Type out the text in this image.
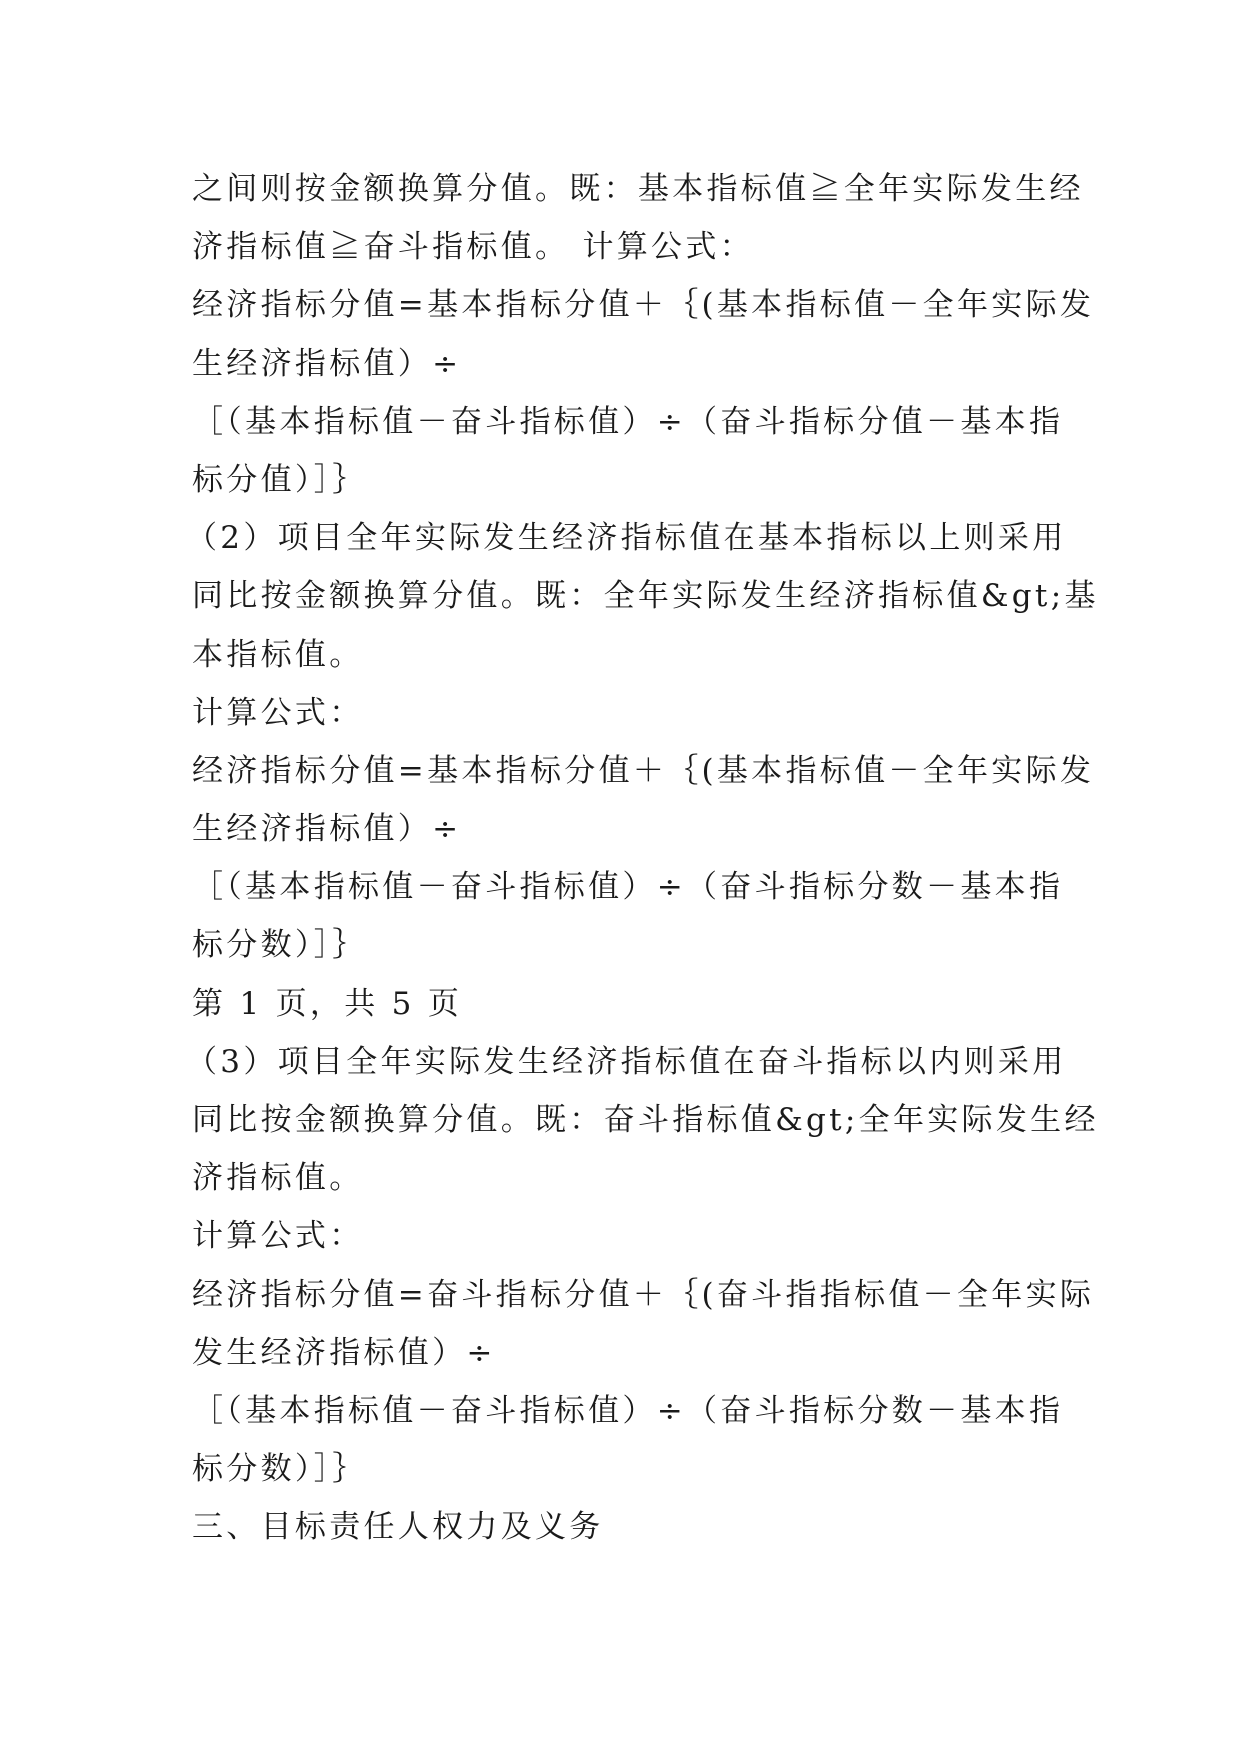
之间则按金额换算分值。既：基本指标值≧全年实际发生经
济指标值≧奋斗指标值。 计算公式：
经济指标分值=基本指标分值＋｛(基本指标值－全年实际发
生经济指标值）÷
［（基本指标值－奋斗指标值）÷（奋斗指标分值－基本指
标分值）］｝
（2）项目全年实际发生经济指标值在基本指标以上则采用
同比按金额换算分值。既：全年实际发生经济指标值&gt;基
本指标值。
计算公式：
经济指标分值=基本指标分值＋｛(基本指标值－全年实际发
生经济指标值）÷
［（基本指标值－奋斗指标值）÷（奋斗指标分数－基本指
标分数）］｝
第 1 页，共 5 页
（3）项目全年实际发生经济指标值在奋斗指标以内则采用
同比按金额换算分值。既：奋斗指标值&gt;全年实际发生经
济指标值。
计算公式：
经济指标分值=奋斗指标分值＋｛(奋斗指指标值－全年实际
发生经济指标值）÷
［（基本指标值－奋斗指标值）÷（奋斗指标分数－基本指
标分数）］｝
三、目标责任人权力及义务
